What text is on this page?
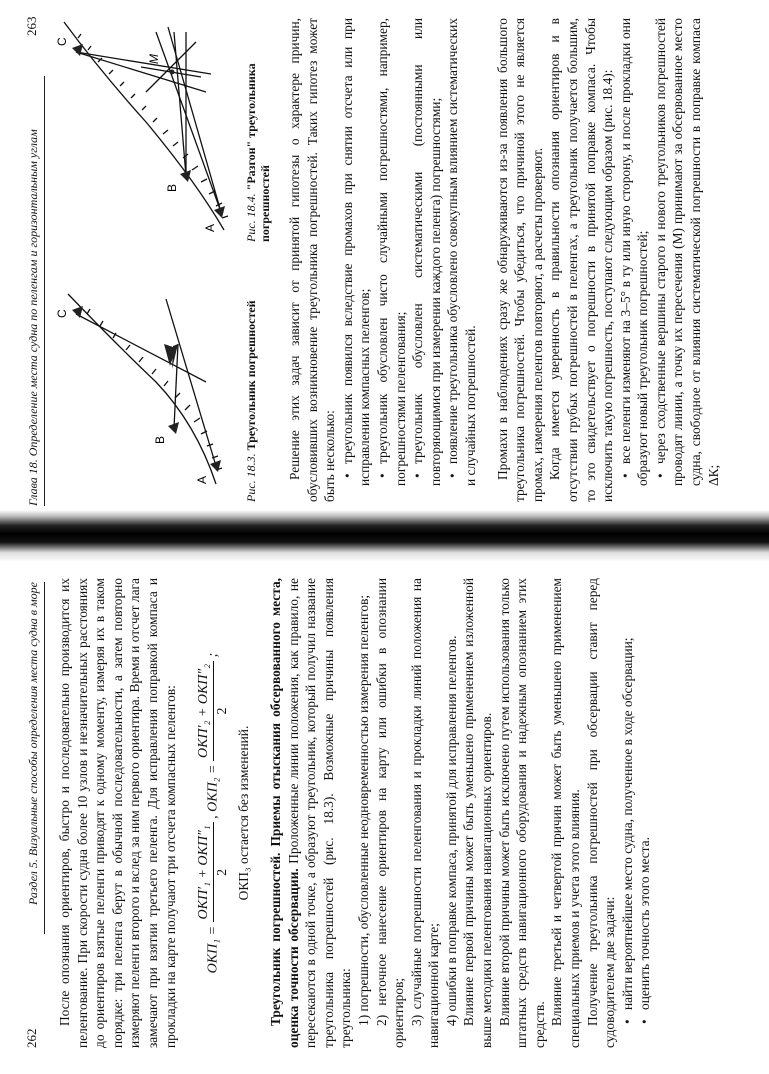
262
Раздел 5. Визуальные способы определения места судна в море	После опознания ориентиров, быстро и последовательно производится их пеленгование. При скорости судна более 10 узлов и незначительных расстояниях до ориентиров взятые пеленги приводят к одному моменту, измеряя их в таком порядке: три пеленга берут в обычной последовательности, а затем повторно измеряют пеленги второго и вслед за ним первого ориентира. Время и отсчет лага замечают при взятии третьего пеленга. Для исправления поправкой компаса и прокладки на карте получают три отсчета компасных пеленгов:	ОКП₁ =
ОКП′₁ + ОКП″₁ 2
, ОКП₂ =
ОКП′₂ + ОКП″₂ 2
;

ОКП₃ остается без изменений. Треугольник погрешностей. Приемы отыскания обсервованного места, оценка точности обсервации. Проложенные линии положения, как правило, не пересекаются в одной точке, а образуют треугольник, который получил название треугольника погрешностей (рис. 18.3). Возможные причины появления треугольника: 1) погрешности, обусловленные неодновременностью измерения пеленгов; 2) неточное нанесение ориентиров на карту или ошибки в опознании ориентиров; 3) случайные погрешности пеленгования и прокладки линий положения на навигационной карте; 4) ошибки в поправке компаса, принятой для исправления пеленгов. Влияние первой причины может быть уменьшено применением изложенной выше методики пеленгования навигационных ориентиров. Влияние второй причины может быть исключено путем использования только штатных средств навигационного оборудования и надежным опознанием этих средств. Влияние третьей и четвертой причин может быть уменьшено применением специальных приемов и учета этого влияния. Получение треугольника погрешностей при обсервации ставит перед судоводителем две задачи: • найти вероятнейшее место судна, полученное в ходе обсервации; • оценить точность этого места.

Глава 18. Определение места судна по пеленгам и горизонтальным углам
263
A
B
C
A
B
C
M
Рис. 18.3. Треугольник погрешностей
Рис. 18.4. "Разгон" треугольника погрешностей Решение этих задач зависит от принятой гипотезы о характере причин, обусловивших возникновение треугольника погрешностей. Таких гипотез может быть несколько: • треугольник появился вследствие промахов при снятии отсчета или при исправлении компасных пеленгов; • треугольник обусловлен чисто случайными погрешностями, например, погрешностями пеленгования; • треугольник обусловлен систематическими (постоянными или повторяющимися при измерении каждого пеленга) погрешностями; • появление треугольника обусловлено совокупным влиянием систематических и случайных погрешностей. Промахи в наблюдениях сразу же обнаруживаются из-за появления большого треугольника погрешностей. Чтобы убедиться, что причиной этого не является промах, измерения пеленгов повторяют, а расчеты проверяют. Когда имеется уверенность в правильности опознания ориентиров и в отсутствии грубых погрешностей в пеленгах, а треугольник получается большим, то это свидетельствует о погрешности в принятой поправке компаса. Чтобы исключить такую погрешность, поступают следующим образом (рис. 18.4): • все пеленги изменяют на 3–5° в ту или иную сторону, и после прокладки они образуют новый треугольник погрешностей; • через сходственные вершины старого и нового треугольников погрешностей проводят линии, а точку их пересечения (М) принимают за обсервованное место судна, свободное от влияния систематической погрешности в поправке компаса ΔК;
